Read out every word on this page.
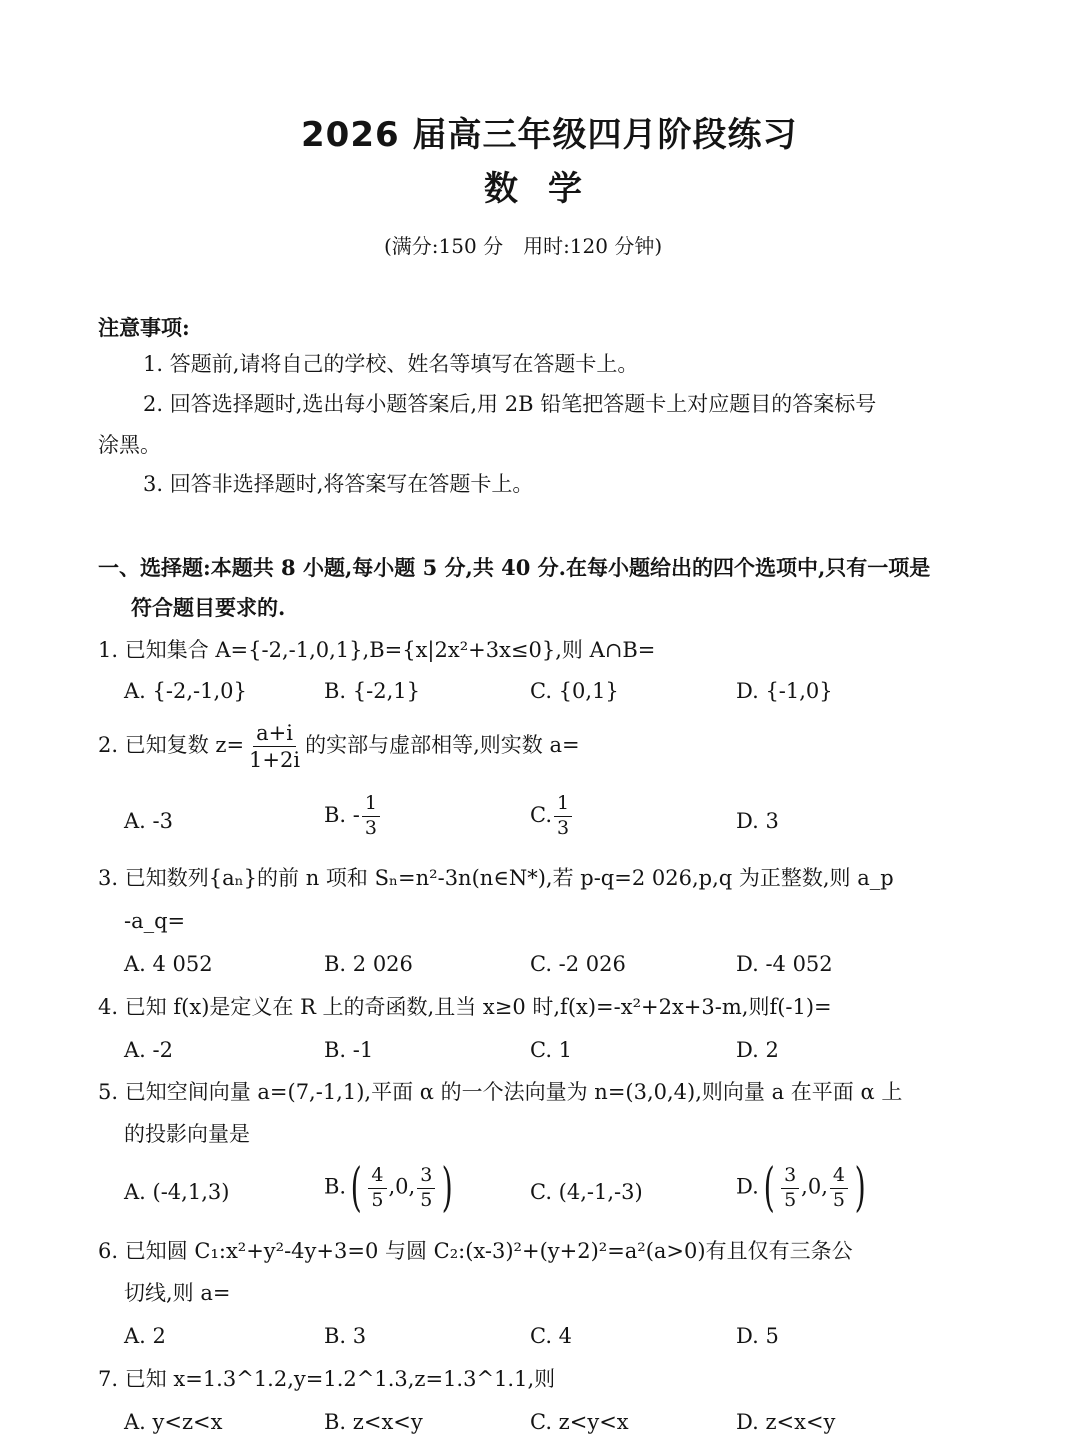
2026 届高三年级四月阶段练习
数学
(满分:150 分　用时:120 分钟)
注意事项:
1. 答题前,请将自己的学校、姓名等填写在答题卡上。
2. 回答选择题时,选出每小题答案后,用 2B 铅笔把答题卡上对应题目的答案标号
涂黑。
3. 回答非选择题时,将答案写在答题卡上。
一、选择题:本题共 8 小题,每小题 5 分,共 40 分.在每小题给出的四个选项中,只有一项是
符合题目要求的.
1. 已知集合 A={-2,-1,0,1},B={x|2x²+3x≤0},则 A∩B=
A. {-2,-1,0}	B. {-2,1}	C. {0,1}	D. {-1,0}
2. 已知复数 $z= \frac{a+i}{1+2i}$ 的实部与虚部相等,则实数 a=
A. -3	B. - $\frac{1}{3}$	C. $\frac{1}{3}$	D. 3
3. 已知数列{aₙ}的前 n 项和 Sₙ=n²-3n(n∈N*),若 p-q=2 026,p,q 为正整数,则 a_p
-a_q=
A. 4 052	B. 2 026	C. -2 026	D. -4 052
4. 已知 f(x)是定义在 R 上的奇函数,且当 x≥0 时,f(x)=-x²+2x+3-m,则f(-1)=
A. -2	B. -1	C. 1	D. 2
5. 已知空间向量 a=(7,-1,1),平面 α 的一个法向量为 n=(3,0,4),则向量 a 在平面 α 上
的投影向量是
A. (-4,1,3)	$B.( \frac{4}{5} ,0$, $\frac{3}{5}$ )	C. (4,-1,-3)	$D.( \frac{3}{5} ,0$, $\frac{4}{5}$ )
6. 已知圆 C₁:x²+y²-4y+3=0 与圆 C₂:(x-3)²+(y+2)²=a²(a>0)有且仅有三条公
切线,则 a=
A. 2	B. 3	C. 4	D. 5
7. 已知 x=1.3^1.2,y=1.2^1.3,z=1.3^1.1,则
A. y<z<x	B. z<x<y	C. z<y<x	D. z<x<y
